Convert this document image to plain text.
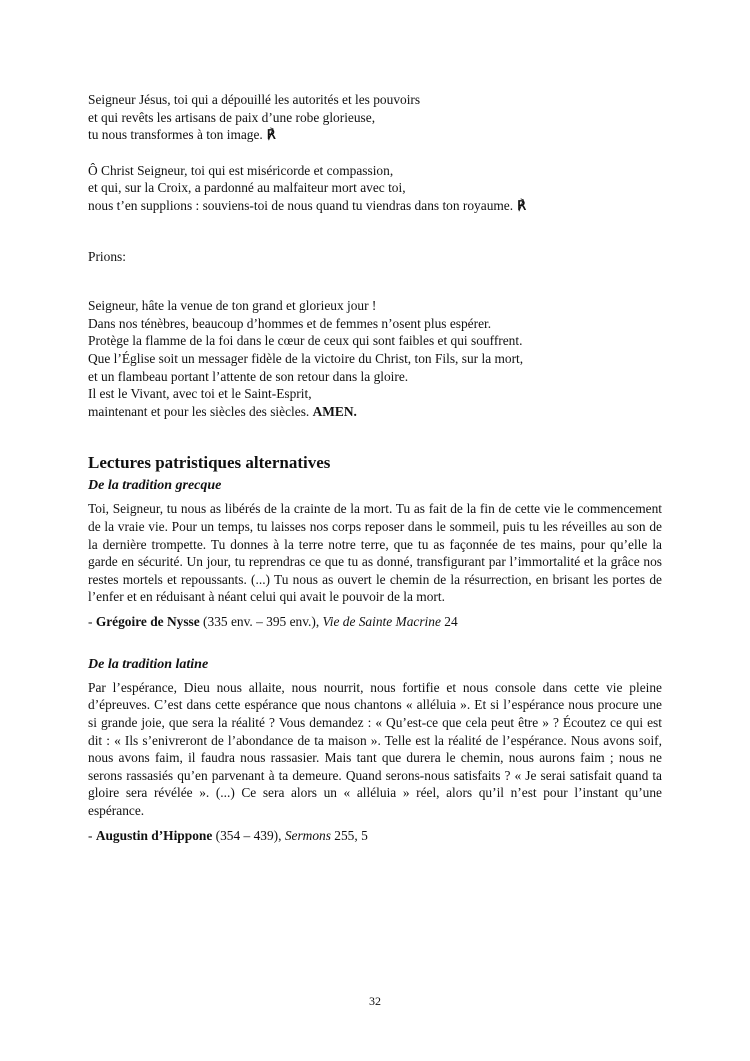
Seigneur Jésus, toi qui a dépouillé les autorités et les pouvoirs
et qui revêts les artisans de paix d’une robe glorieuse,
tu nous transformes à ton image. ℟
Ô Christ Seigneur, toi qui est miséricorde et compassion,
et qui, sur la Croix, a pardonné au malfaiteur mort avec toi,
nous t’en supplions : souviens-toi de nous quand tu viendras dans ton royaume. ℟
Prions:
Seigneur, hâte la venue de ton grand et glorieux jour !
Dans nos ténèbres, beaucoup d’hommes et de femmes n’osent plus espérer.
Protège la flamme de la foi dans le cœur de ceux qui sont faibles et qui souffrent.
Que l’Église soit un messager fidèle de la victoire du Christ, ton Fils, sur la mort,
et un flambeau portant l’attente de son retour dans la gloire.
Il est le Vivant, avec toi et le Saint-Esprit,
maintenant et pour les siècles des siècles. AMEN.
Lectures patristiques alternatives
De la tradition grecque
Toi, Seigneur, tu nous as libérés de la crainte de la mort. Tu as fait de la fin de cette vie le commencement de la vraie vie. Pour un temps, tu laisses nos corps reposer dans le sommeil, puis tu les réveilles au son de la dernière trompette. Tu donnes à la terre notre terre, que tu as façonnée de tes mains, pour qu’elle la garde en sécurité. Un jour, tu reprendras ce que tu as donné, transfigurant par l’immortalité et la grâce nos restes mortels et repoussants. (...) Tu nous as ouvert le chemin de la résurrection, en brisant les portes de l’enfer et en réduisant à néant celui qui avait le pouvoir de la mort.
- Grégoire de Nysse (335 env. – 395 env.), Vie de Sainte Macrine 24
De la tradition latine
Par l’espérance, Dieu nous allaite, nous nourrit, nous fortifie et nous console dans cette vie pleine d’épreuves. C’est dans cette espérance que nous chantons « alléluia ». Et si l’espérance nous procure une si grande joie, que sera la réalité ? Vous demandez : « Qu’est-ce que cela peut être » ? Écoutez ce qui est dit : « Ils s’enivreront de l’abondance de ta maison ». Telle est la réalité de l’espérance. Nous avons soif, nous avons faim, il faudra nous rassasier. Mais tant que durera le chemin, nous aurons faim ; nous ne serons rassasiés qu’en parvenant à ta demeure. Quand serons-nous satisfaits ? « Je serai satisfait quand ta gloire sera révélée ». (...) Ce sera alors un « alléluia » réel, alors qu’il n’est pour l’instant qu’une espérance.
- Augustin d’Hippone (354 – 439), Sermons 255, 5
32
